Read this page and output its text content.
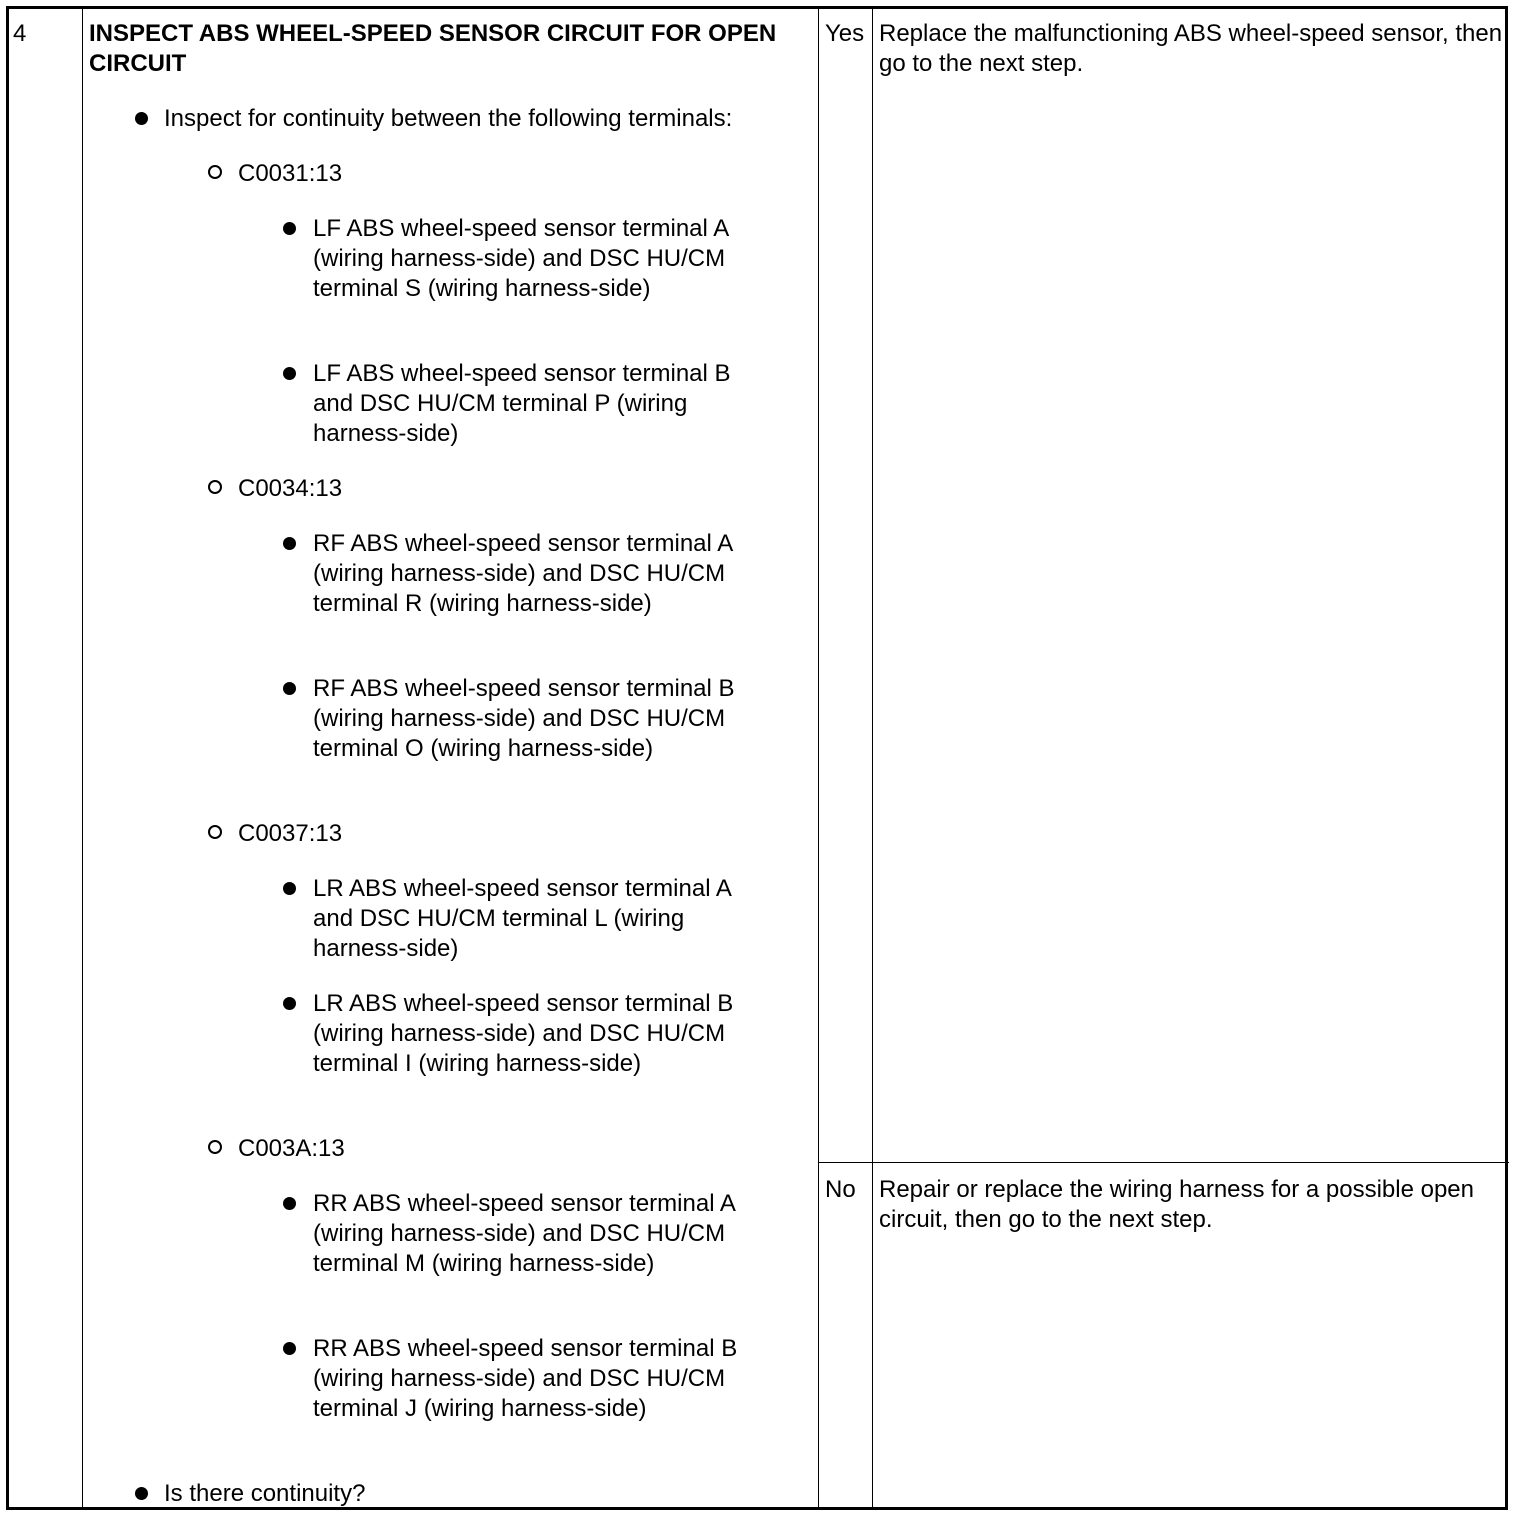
4	INSPECT ABS WHEEL-SPEED SENSOR CIRCUIT FOR OPEN CIRCUIT
Inspect for continuity between the following terminals:
C0031:13
LF ABS wheel-speed sensor terminal A (wiring harness-side) and DSC HU/CM terminal S (wiring harness-side)
LF ABS wheel-speed sensor terminal B and DSC HU/CM terminal P (wiring harness-side)
C0034:13
RF ABS wheel-speed sensor terminal A (wiring harness-side) and DSC HU/CM terminal R (wiring harness-side)
RF ABS wheel-speed sensor terminal B (wiring harness-side) and DSC HU/CM terminal O (wiring harness-side)
C0037:13
LR ABS wheel-speed sensor terminal A and DSC HU/CM terminal L (wiring harness-side)
LR ABS wheel-speed sensor terminal B (wiring harness-side) and DSC HU/CM terminal I (wiring harness-side)
C003A:13
RR ABS wheel-speed sensor terminal A (wiring harness-side) and DSC HU/CM terminal M (wiring harness-side)
RR ABS wheel-speed sensor terminal B (wiring harness-side) and DSC HU/CM terminal J (wiring harness-side)
Is there continuity?
Yes Replace the malfunctioning ABS wheel-speed sensor, then go to the next step.
No Repair or replace the wiring harness for a possible open circuit, then go to the next step.
